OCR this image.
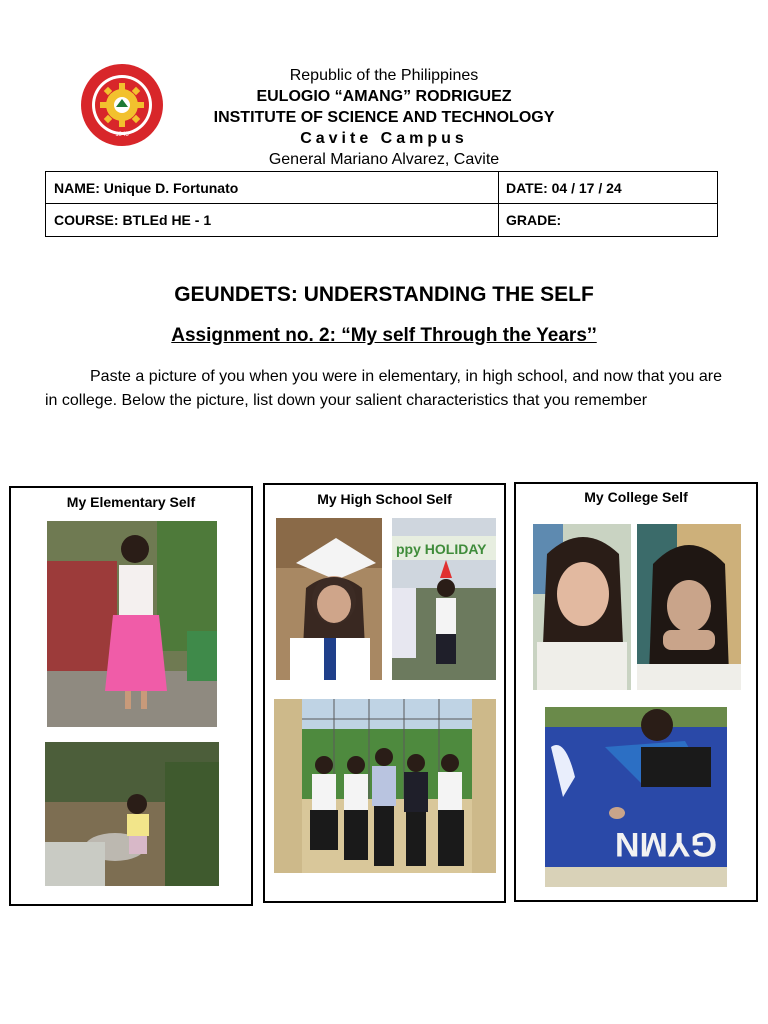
1945
Republic of the Philippines
EULOGIO “AMANG” RODRIGUEZ
INSTITUTE OF SCIENCE AND TECHNOLOGY
Cavite Campus
General Mariano Alvarez, Cavite
NAME: Unique D. Fortunato	DATE: 04 / 17 / 24
COURSE: BTLEd HE - 1	GRADE:
GEUNDETS: UNDERSTANDING THE SELF
Assignment no. 2: “My self Through the Years’’
Paste a picture of you when you were in elementary, in high school, and now that you are in college. Below the picture, list down your salient characteristics that you remember
My Elementary Self	My High School Self
ppy HOLIDAY
My College Self
GYMN
